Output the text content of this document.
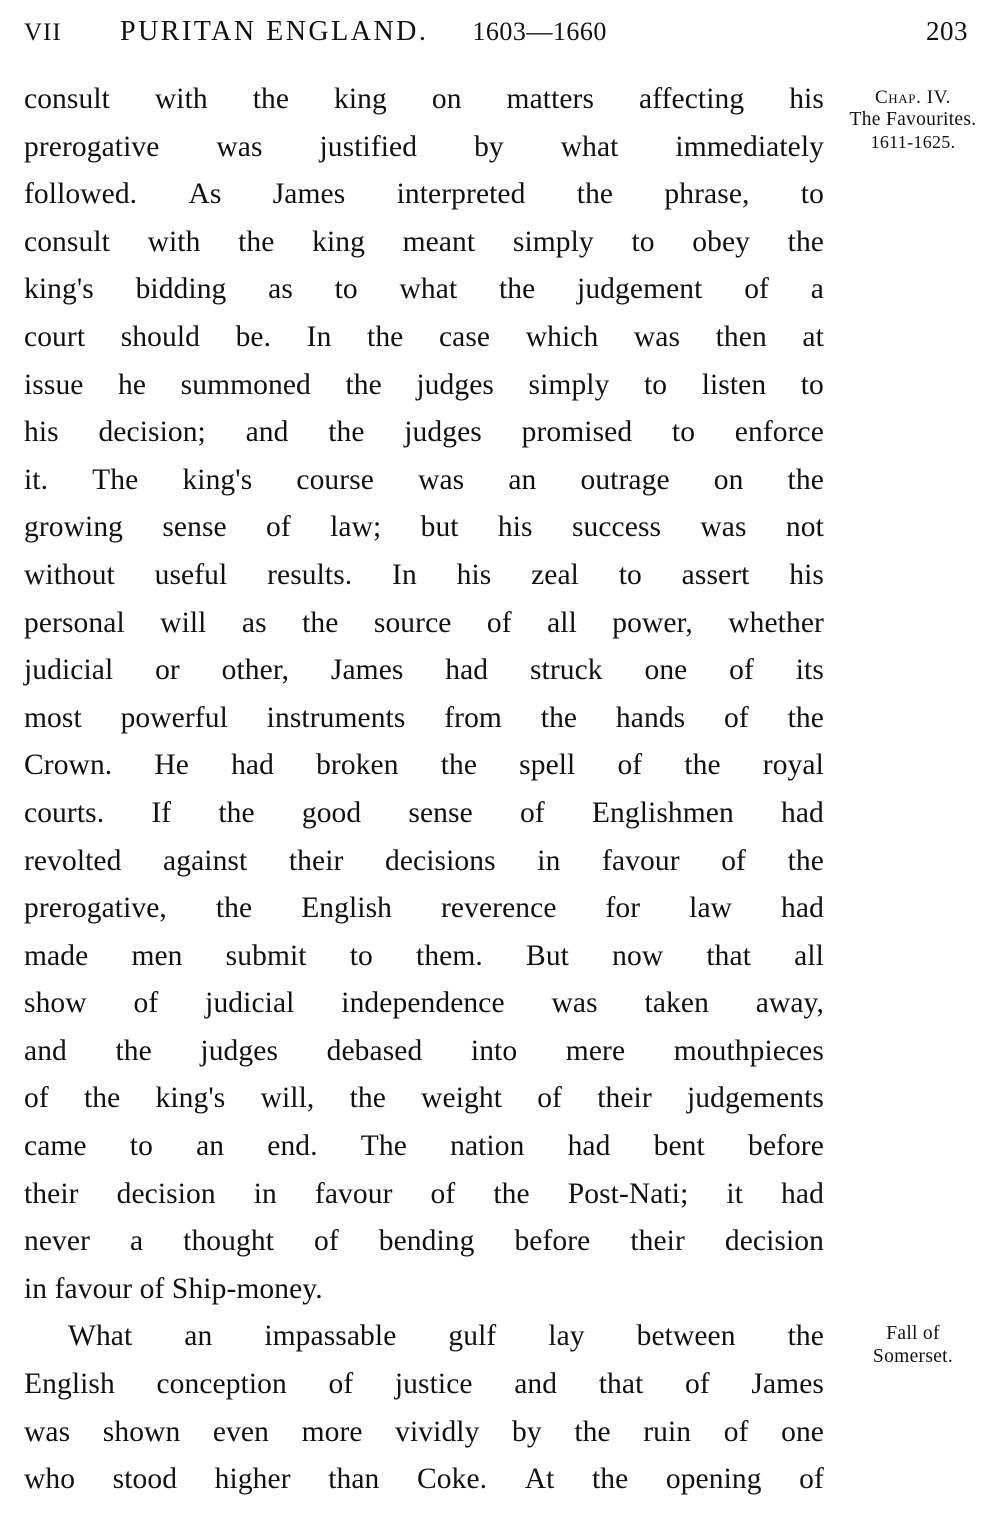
VII	PURITAN ENGLAND. 1603—1660	203
consult with the king on matters affecting his
prerogative was justified by what immediately
followed. As James interpreted the phrase, to
consult with the king meant simply to obey the
king's bidding as to what the judgement of a
court should be. In the case which was then at
issue he summoned the judges simply to listen to
his decision; and the judges promised to enforce
it. The king's course was an outrage on the
growing sense of law; but his success was not
without useful results. In his zeal to assert his
personal will as the source of all power, whether
judicial or other, James had struck one of its
most powerful instruments from the hands of the
Crown. He had broken the spell of the royal
courts. If the good sense of Englishmen had
revolted against their decisions in favour of the
prerogative, the English reverence for law had
made men submit to them. But now that all
show of judicial independence was taken away,
and the judges debased into mere mouthpieces
of the king's will, the weight of their judgements
came to an end. The nation had bent before
their decision in favour of the Post-Nati; it had
never a thought of bending before their decision
in favour of Ship-money.
What an impassable gulf lay between the
English conception of justice and that of James
was shown even more vividly by the ruin of one
who stood higher than Coke. At the opening of
Chap. IV.
The Favourites.
1611-1625.
Fall of
Somerset.
